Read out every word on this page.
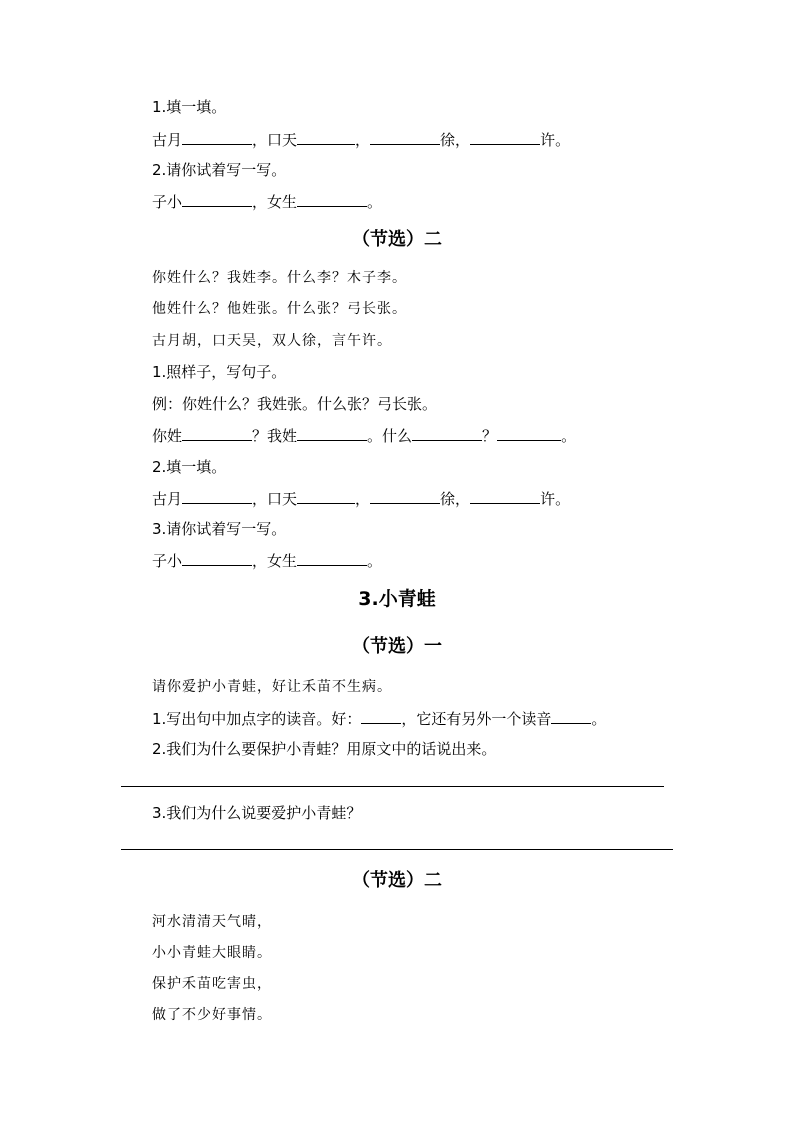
1.填一填。
古月	，口天	，	徐，	许。
2.请你试着写一写。
子小	，女生	。
（节选）二
你姓什么？我姓李。什么李？木子李。
他姓什么？他姓张。什么张？弓长张。
古月胡，口天吴，双人徐，言午许。
1.照样子，写句子。
例：你姓什么？我姓张。什么张？弓长张。
你姓	？我姓	。什么	？	。
2.填一填。
古月	，口天	，	徐，	许。
3.请你试着写一写。
子小	，女生	。
3.小青蛙
（节选）一
请你爱护小青蛙，好让禾苗不生病。
1.写出句中加点字的读音。好：	，它还有另外一个读音	。
2.我们为什么要保护小青蛙？用原文中的话说出来。
3.我们为什么说要爱护小青蛙？
（节选）二
河水清清天气晴，
小小青蛙大眼睛。
保护禾苗吃害虫，
做了不少好事情。
